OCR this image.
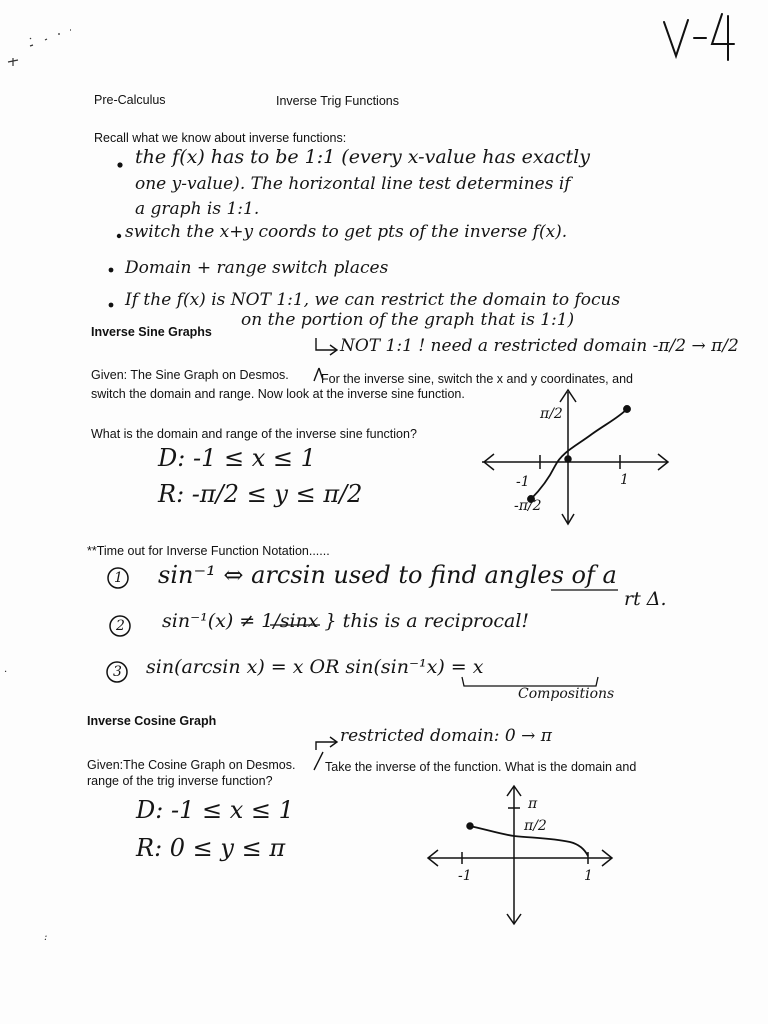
.
:
Pre-Calculus	Inverse Trig Functions
Recall what we know about inverse functions:
the f(x) has to be 1:1 (every x-value has exactly
one y-value). The horizontal line test determines if
a graph is 1:1.
switch the x+y coords to get pts of the inverse f(x).
Domain + range switch places
If the f(x) is NOT 1:1, we can restrict the domain to focus
on the portion of the graph that is 1:1)
Inverse Sine Graphs
NOT 1:1 ! need a restricted domain -π/2 → π/2
Given: The Sine Graph on Desmos.	For the inverse sine, switch the x and y coordinates, and
switch the domain and range. Now look at the inverse sine function.
What is the domain and range of the inverse sine function?
D: -1 ≤ x ≤ 1
R: -π/2 ≤ y ≤ π/2
π/2
-π/2
-1	1
**Time out for Inverse Function Notation......
1 sin⁻¹ ⇔ arcsin used to find angles of a
rt Δ.
2 sin⁻¹(x) ≠ 1/sinx } this is a reciprocal!
3 sin(arcsin x) = x OR sin(sin⁻¹x) = x
Compositions
Inverse Cosine Graph
restricted domain: 0 → π
Given:The Cosine Graph on Desmos. Take the inverse of the function. What is the domain and
range of the trig inverse function?
D: -1 ≤ x ≤ 1
R: 0 ≤ y ≤ π
π
π/2
-1	1
